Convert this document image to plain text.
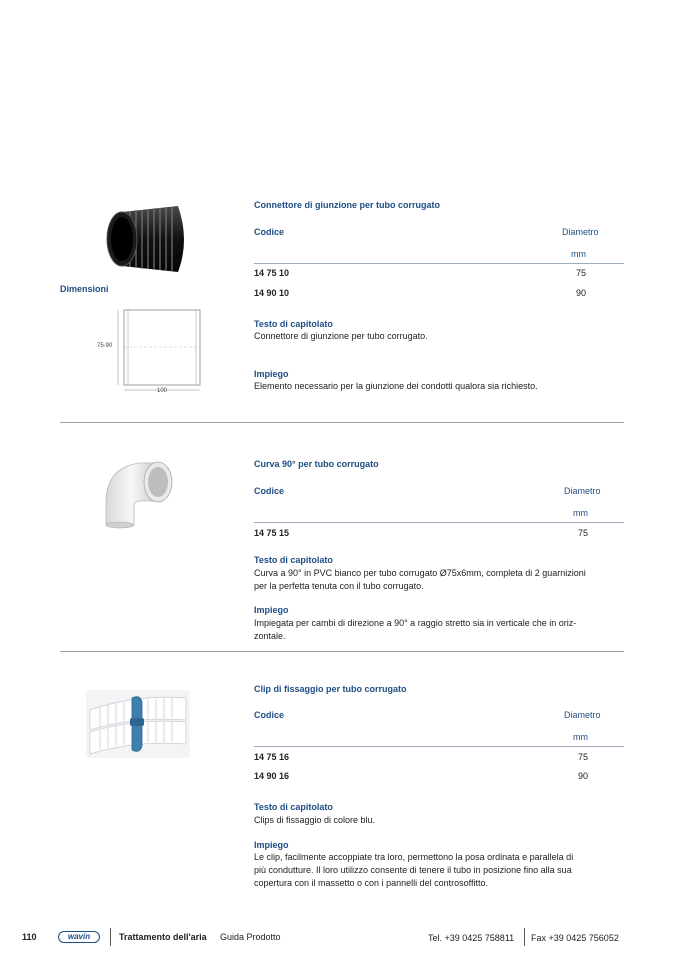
Dimensioni
75-90
100
Connettore di giunzione per tubo corrugato
Codice	Diametro
mm
14 75 10	75
14 90 10	90
Testo di capitolato
Connettore di giunzione per tubo corrugato.
Impiego
Elemento necessario per la giunzione dei condotti qualora sia richiesto.
Curva 90° per tubo corrugato
Codice	Diametro
mm
14 75 15	75
Testo di capitolato
Curva a 90° in PVC bianco per tubo corrugato Ø75x6mm, completa di 2 guarnizioni
per la perfetta tenuta con il tubo corrugato.
Impiego
Impiegata per cambi di direzione a 90° a raggio stretto sia in verticale che in oriz-
zontale.
Clip di fissaggio per tubo corrugato
Codice	Diametro
mm
14 75 16	75
14 90 16	90
Testo di capitolato
Clips di fissaggio di colore blu.
Impiego
Le clip, facilmente accoppiate tra loro, permettono la posa ordinata e parallela di
più condutture. Il loro utilizzo consente di tenere il tubo in posizione fino alla sua
copertura con il massetto o con i pannelli del controsoffitto.
110	wavin	Trattamento dell'aria Guida Prodotto	Tel. +39 0425 758811 Fax +39 0425 756052
